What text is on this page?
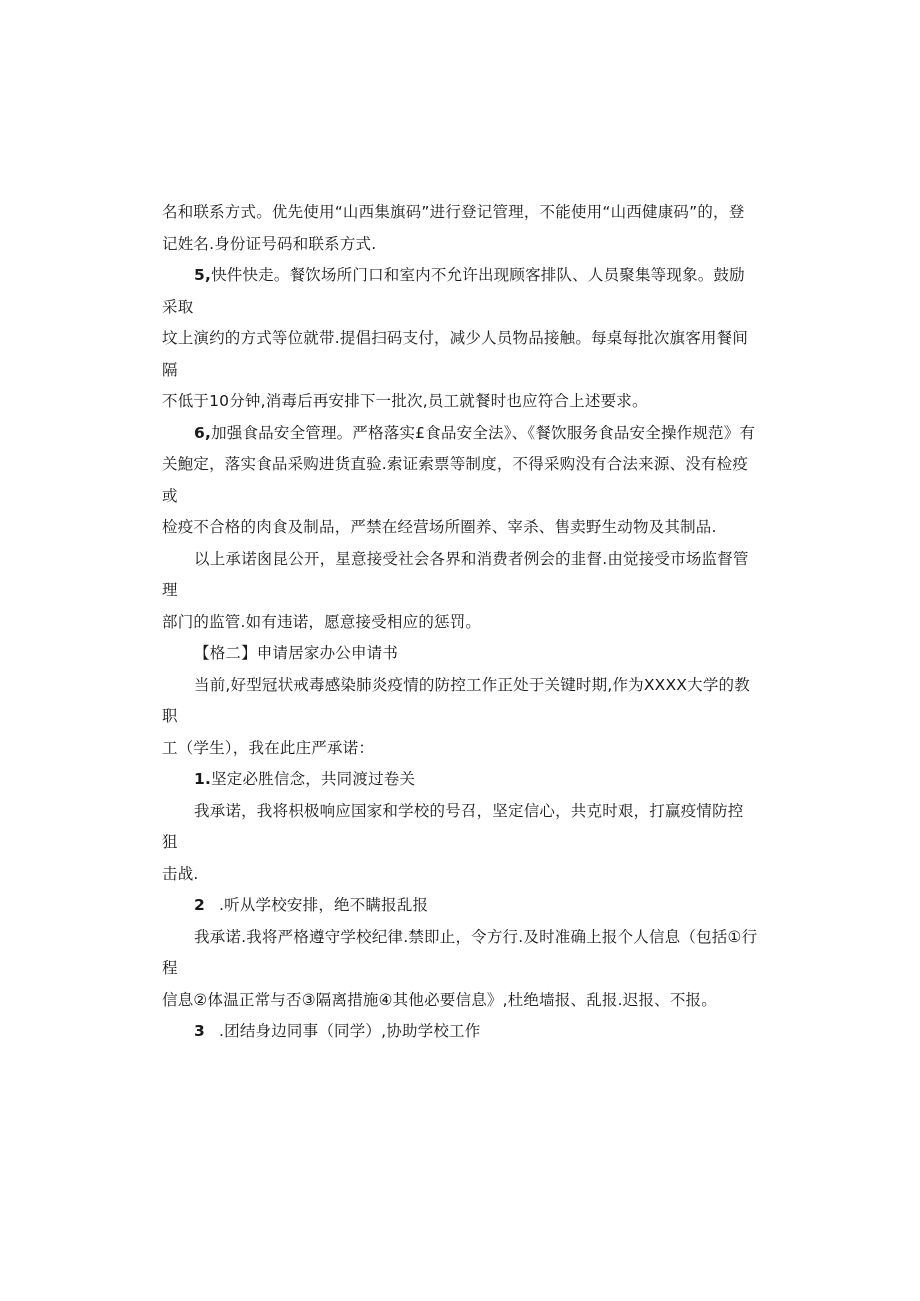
名和联系方式。优先使用“山西集旗码”进行登记管理，不能使用“山西健康码”的，登
记姓名.身份证号码和联系方式.
5,快件快走。餐饮场所门口和室内不允许出现顾客排队、人员聚集等现象。鼓励采取
坟上演约的方式等位就带.提倡扫码支付，减少人员物品接触。每桌每批次旗客用餐间隔
不低于10分钟,消毒后再安排下一批次,员工就餐时也应符合上述要求。
6,加强食品安全管理。严格落实£食品安全法》、《餐饮服务食品安全操作规范》有
关鮑定，落实食品采购进货直验.索证索票等制度，不得采购没有合法来源、没有检疫或
检疫不合格的肉食及制品，严禁在经营场所圈养、宰杀、售卖野生动物及其制品.
以上承诺囪昆公开，星意接受社会各界和消费者例会的韭督.由觉接受市场监督管理
部门的监管.如有违诺，愿意接受相应的惩罚。
【格二】申请居家办公申请书
当前,好型冠状戒毒感染肺炎疫情的防控工作正处于关键时期,作为XXXX大学的教职
工（学生），我在此庄严承诺：
1.坚定必胜信念，共同渡过卷关
我承诺，我将枳极响应国家和学校的号召，坚定信心，共克时艰，打赢疫情防控狙
击战.
2 .听从学校安排，绝不瞒报乱报
我承诺.我将严格遵守学校纪律.禁即止，令方行.及时准确上报个人信息（包括①行程
信息②体温正常与否③隔离措施④其他必要信息》,杜绝墙报、乱报.迟报、不报。
3 .团结身边同事（同学）,协助学校工作
